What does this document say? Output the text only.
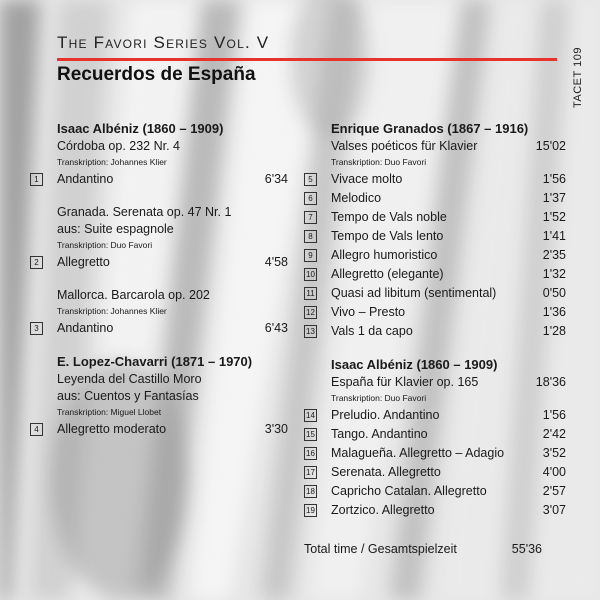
The Favori Series Vol. V
Recuerdos de España	TACET 109
Isaac Albéniz (1860 – 1909)
Córdoba op. 232 Nr. 4
Transkription: Johannes Klier
1	Andantino	6'34
Granada. Serenata op. 47 Nr. 1
aus: Suite espagnole
Transkription: Duo Favori
2	Allegretto	4'58
Mallorca. Barcarola op. 202
Transkription: Johannes Klier
3	Andantino	6'43
E. Lopez-Chavarri (1871 – 1970)
Leyenda del Castillo Moro
aus: Cuentos y Fantasías
Transkription: Miguel Llobet
4	Allegretto moderato	3'30
Enrique Granados (1867 – 1916)
Valses poéticos für Klavier	15'02
Transkription: Duo Favori
5	Vivace molto	1'56
6	Melodico	1'37
7	Tempo de Vals noble	1'52
8	Tempo de Vals lento	1'41
9	Allegro humoristico	2'35
10 Allegretto (elegante)	1'32
11 Quasi ad libitum (sentimental)	0'50
12 Vivo – Presto	1'36
13 Vals 1 da capo	1'28
Isaac Albéniz (1860 – 1909)
España für Klavier op. 165	18'36
Transkription: Duo Favori
14 Preludio. Andantino	1'56
15 Tango. Andantino	2'42
16 Malagueña. Allegretto – Adagio	3'52
17 Serenata. Allegretto	4'00
18 Capricho Catalan. Allegretto	2'57
19 Zortzico. Allegretto	3'07
Total time / Gesamtspielzeit	55'36
